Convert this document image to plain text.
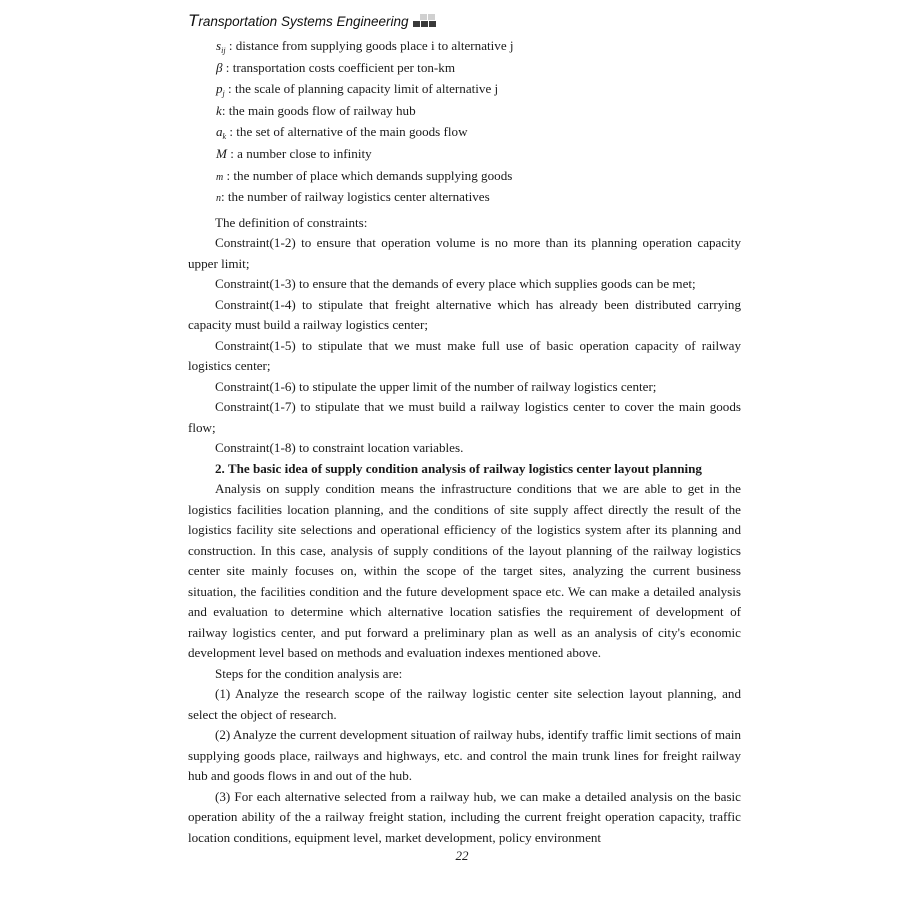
T ransportation Systems Engineering
$s_{ij}$ : distance from supplying goods place i to alternative j
β : transportation costs coefficient per ton-km
$p_j$ : the scale of planning capacity limit of alternative j
k: the main goods flow of railway hub
$a_k$ : the set of alternative of the main goods flow
M : a number close to infinity
m : the number of place which demands supplying goods
n: the number of railway logistics center alternatives

The definition of constraints:

Constraint(1-2) to ensure that operation volume is no more than its planning operation capacity upper limit;

Constraint(1-3) to ensure that the demands of every place which supplies goods can be met;

Constraint(1-4) to stipulate that freight alternative which has already been distributed carrying capacity must build a railway logistics center;

Constraint(1-5) to stipulate that we must make full use of basic operation capacity of railway logistics center;

Constraint(1-6) to stipulate the upper limit of the number of railway logistics center;

Constraint(1-7) to stipulate that we must build a railway logistics center to cover the main goods flow;

Constraint(1-8) to constraint location variables.

2. The basic idea of supply condition analysis of railway logistics center layout planning

Analysis on supply condition means the infrastructure conditions that we are able to get in the logistics facilities location planning, and the conditions of site supply affect directly the result of the logistics facility site selections and operational efficiency of the logistics system after its planning and construction. In this case, analysis of supply conditions of the layout planning of the railway logistics center site mainly focuses on, within the scope of the target sites, analyzing the current business situation, the facilities condition and the future development space etc. We can make a detailed analysis and evaluation to determine which alternative location satisfies the requirement of development of railway logistics center, and put forward a preliminary plan as well as an analysis of city's economic development level based on methods and evaluation indexes mentioned above.

Steps for the condition analysis are:

(1) Analyze the research scope of the railway logistic center site selection layout planning, and select the object of research.

(2) Analyze the current development situation of railway hubs, identify traffic limit sections of main supplying goods place, railways and highways, etc. and control the main trunk lines for freight railway hub and goods flows in and out of the hub.

(3) For each alternative selected from a railway hub, we can make a detailed analysis on the basic operation ability of the a railway freight station, including the current freight operation capacity, traffic location conditions, equipment level, market development, policy environment

22
